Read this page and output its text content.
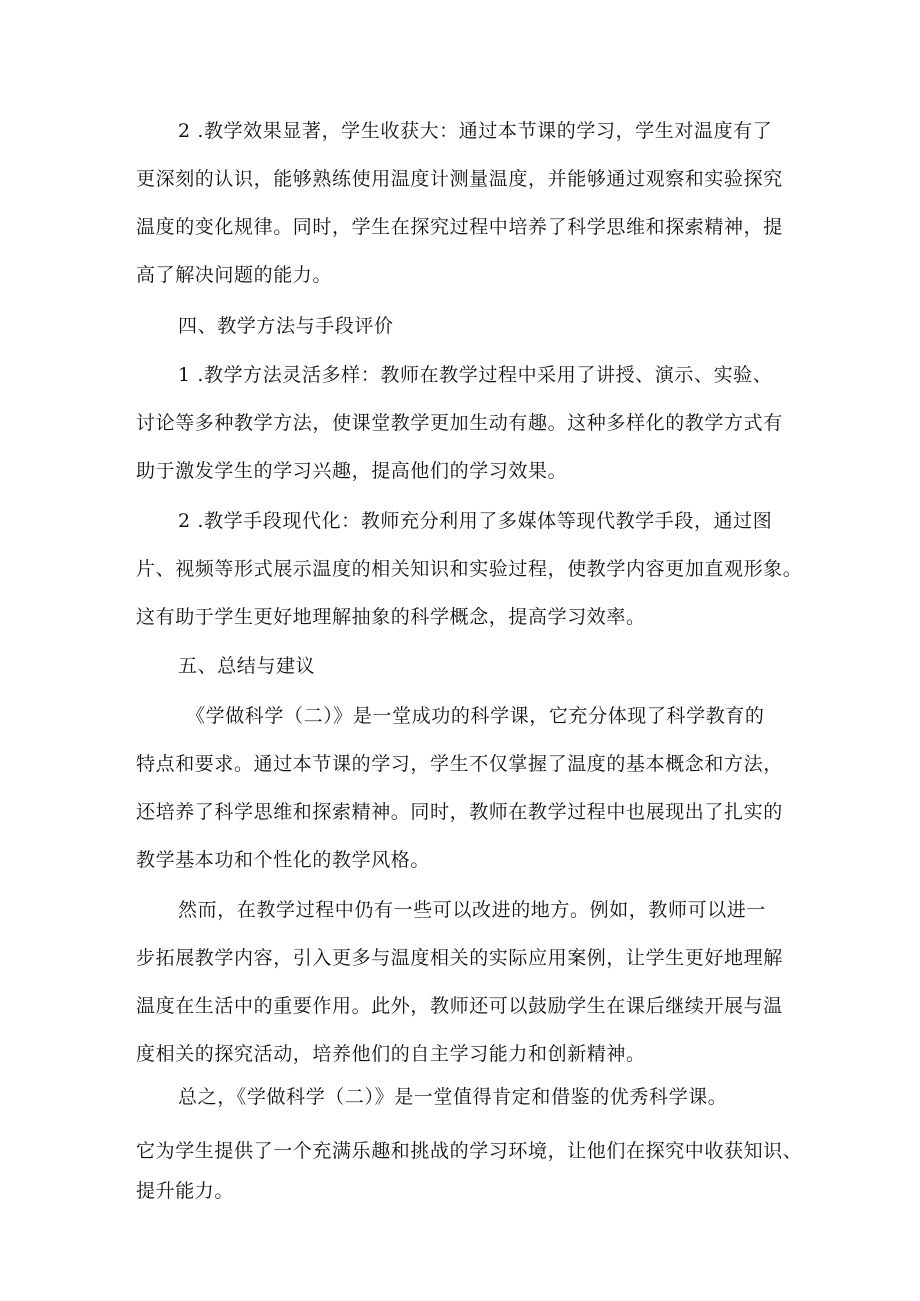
2 .教学效果显著，学生收获大：通过本节课的学习，学生对温度有了
更深刻的认识，能够熟练使用温度计测量温度，并能够通过观察和实验探究
温度的变化规律。同时，学生在探究过程中培养了科学思维和探索精神，提
高了解决问题的能力。
四、教学方法与手段评价
1 .教学方法灵活多样：教师在教学过程中采用了讲授、演示、实验、
讨论等多种教学方法，使课堂教学更加生动有趣。这种多样化的教学方式有
助于激发学生的学习兴趣，提高他们的学习效果。
2 .教学手段现代化：教师充分利用了多媒体等现代教学手段，通过图
片、视频等形式展示温度的相关知识和实验过程，使教学内容更加直观形象。
这有助于学生更好地理解抽象的科学概念，提高学习效率。
五、总结与建议
《学做科学（二）》是一堂成功的科学课，它充分体现了科学教育的
特点和要求。通过本节课的学习，学生不仅掌握了温度的基本概念和方法，
还培养了科学思维和探索精神。同时，教师在教学过程中也展现出了扎实的
教学基本功和个性化的教学风格。
然而，在教学过程中仍有一些可以改进的地方。例如，教师可以进一
步拓展教学内容，引入更多与温度相关的实际应用案例，让学生更好地理解
温度在生活中的重要作用。此外，教师还可以鼓励学生在课后继续开展与温
度相关的探究活动，培养他们的自主学习能力和创新精神。
总之，《学做科学（二）》是一堂值得肯定和借鉴的优秀科学课。
它为学生提供了一个充满乐趣和挑战的学习环境，让他们在探究中收获知识、
提升能力。
